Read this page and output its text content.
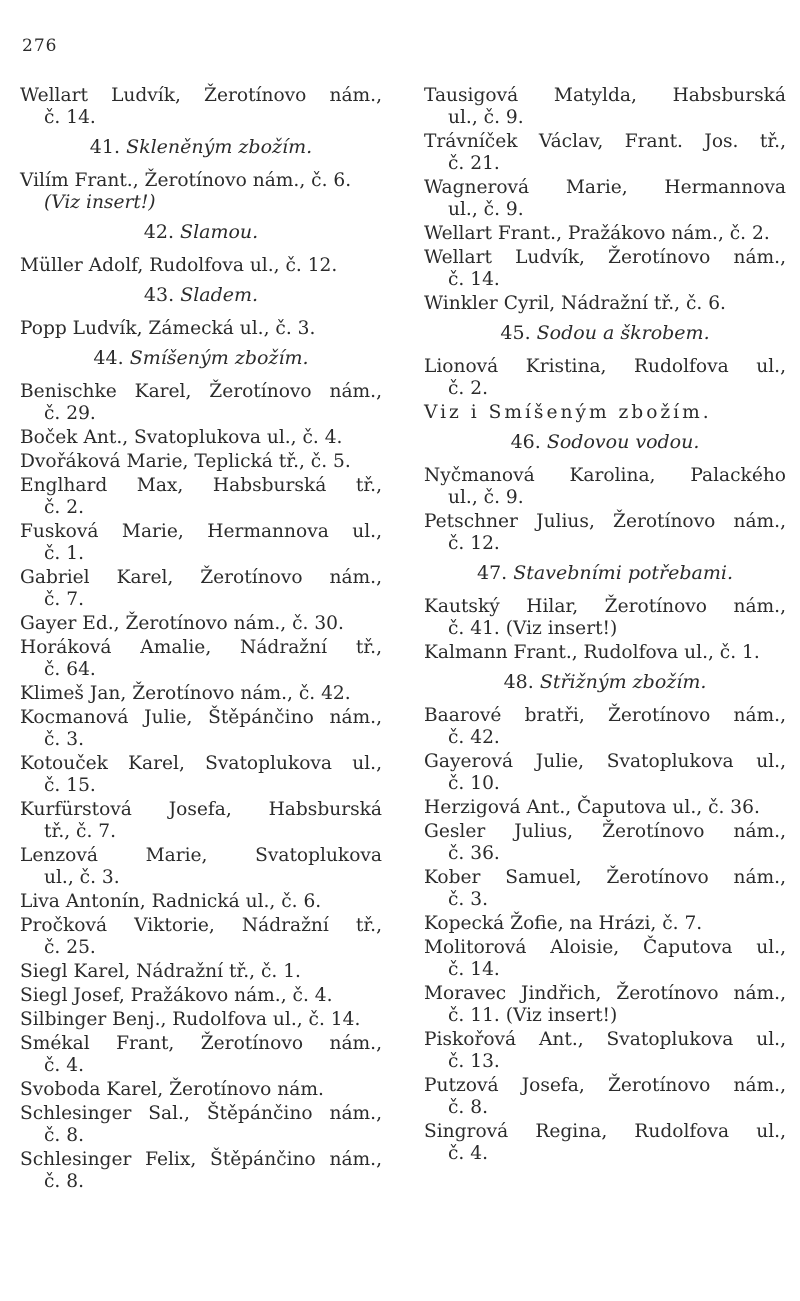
276
Wellart Ludvík, Žerotínovo nám.,
č. 14.
41. Skleněným zbožím.
Vilím Frant., Žerotínovo nám., č. 6.
(Viz insert!)
42. Slamou.
Müller Adolf, Rudolfova ul., č. 12.
43. Sladem.
Popp Ludvík, Zámecká ul., č. 3.
44. Smíšeným zbožím.
Benischke Karel, Žerotínovo nám.,
č. 29.
Boček Ant., Svatoplukova ul., č. 4.
Dvořáková Marie, Teplická tř., č. 5.
Englhard Max, Habsburská tř.,
č. 2.
Fusková Marie, Hermannova ul.,
č. 1.
Gabriel Karel, Žerotínovo nám.,
č. 7.
Gayer Ed., Žerotínovo nám., č. 30.
Horáková Amalie, Nádražní tř.,
č. 64.
Klimeš Jan, Žerotínovo nám., č. 42.
Kocmanová Julie, Štěpánčino nám.,
č. 3.
Kotouček Karel, Svatoplukova ul.,
č. 15.
Kurfürstová Josefa, Habsburská
tř., č. 7.
Lenzová Marie, Svatoplukova
ul., č. 3.
Liva Antonín, Radnická ul., č. 6.
Pročková Viktorie, Nádražní tř.,
č. 25.
Siegl Karel, Nádražní tř., č. 1.
Siegl Josef, Pražákovo nám., č. 4.
Silbinger Benj., Rudolfova ul., č. 14.
Smékal Frant, Žerotínovo nám.,
č. 4.
Svoboda Karel, Žerotínovo nám.
Schlesinger Sal., Štěpánčino nám.,
č. 8.
Schlesinger Felix, Štěpánčino nám.,
č. 8.
Tausigová Matylda, Habsburská
ul., č. 9.
Trávníček Václav, Frant. Jos. tř.,
č. 21.
Wagnerová Marie, Hermannova
ul., č. 9.
Wellart Frant., Pražákovo nám., č. 2.
Wellart Ludvík, Žerotínovo nám.,
č. 14.
Winkler Cyril, Nádražní tř., č. 6.
45. Sodou a škrobem.
Lionová Kristina, Rudolfova ul.,
č. 2.
Viz i Smíšeným zbožím.
46. Sodovou vodou.
Nyčmanová Karolina, Palackého
ul., č. 9.
Petschner Julius, Žerotínovo nám.,
č. 12.
47. Stavebními potřebami.
Kautský Hilar, Žerotínovo nám.,
č. 41. (Viz insert!)
Kalmann Frant., Rudolfova ul., č. 1.
48. Střižným zbožím.
Baarové bratři, Žerotínovo nám.,
č. 42.
Gayerová Julie, Svatoplukova ul.,
č. 10.
Herzigová Ant., Čaputova ul., č. 36.
Gesler Julius, Žerotínovo nám.,
č. 36.
Kober Samuel, Žerotínovo nám.,
č. 3.
Kopecká Žofie, na Hrázi, č. 7.
Molitorová Aloisie, Čaputova ul.,
č. 14.
Moravec Jindřich, Žerotínovo nám.,
č. 11. (Viz insert!)
Piskořová Ant., Svatoplukova ul.,
č. 13.
Putzová Josefa, Žerotínovo nám.,
č. 8.
Singrová Regina, Rudolfova ul.,
č. 4.
